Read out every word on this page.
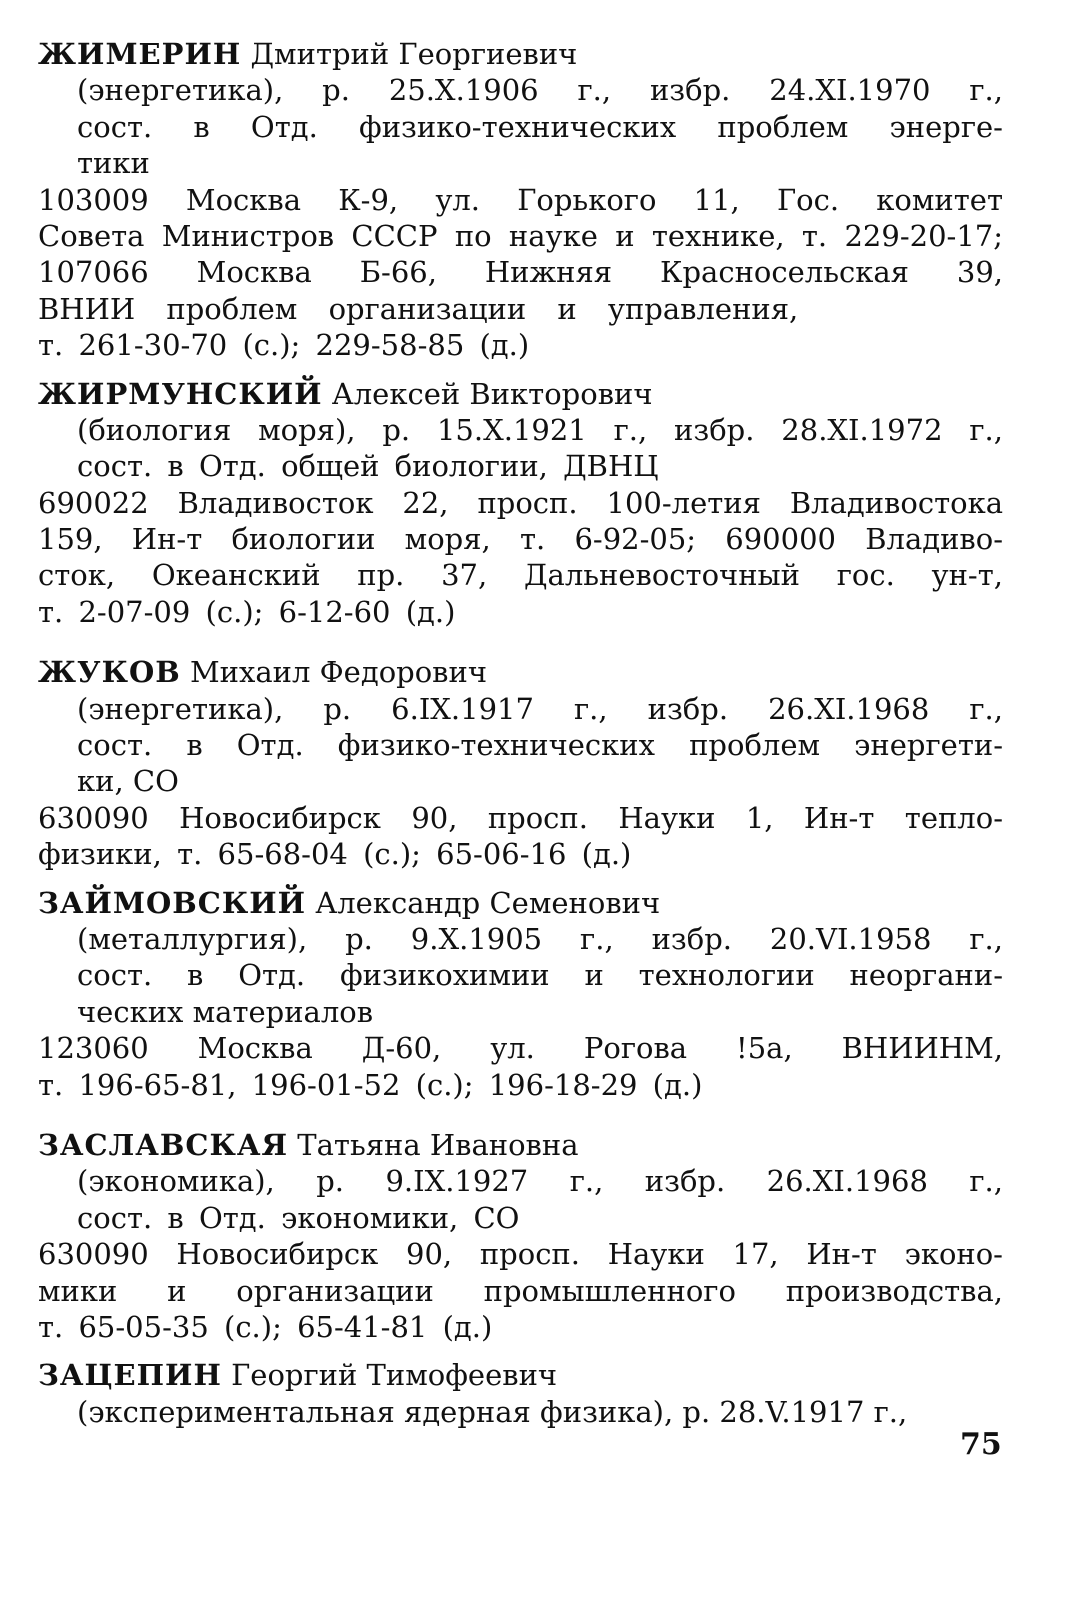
ЖИМЕРИН Дмитрий Георгиевич
(энергетика), р. 25.X.1906 г., избр. 24.XI.1970 г.,
сост. в Отд. физико-технических проблем энерге-
тики
103009 Москва К-9, ул. Горького 11, Гос. комитет
Совета Министров СССР по науке и технике, т. 229-20-17;
107066 Москва Б-66, Нижняя Красносельская 39,
ВНИИ проблем организации и управления,
т. 261-30-70 (с.); 229-58-85 (д.)
ЖИРМУНСКИЙ Алексей Викторович
(биология моря), р. 15.X.1921 г., избр. 28.XI.1972 г.,
сост. в Отд. общей биологии, ДВНЦ
690022 Владивосток 22, просп. 100-летия Владивостока
159, Ин-т биологии моря, т. 6-92-05; 690000 Владиво-
сток, Океанский пр. 37, Дальневосточный гос. ун-т,
т. 2-07-09 (с.); 6-12-60 (д.)
ЖУКОВ Михаил Федорович
(энергетика), р. 6.IX.1917 г., избр. 26.XI.1968 г.,
сост. в Отд. физико-технических проблем энергети-
ки, СО
630090 Новосибирск 90, просп. Науки 1, Ин-т тепло-
физики, т. 65-68-04 (с.); 65-06-16 (д.)
ЗАЙМОВСКИЙ Александр Семенович
(металлургия), р. 9.X.1905 г., избр. 20.VI.1958 г.,
сост. в Отд. физикохимии и технологии неоргани-
ческих материалов
123060 Москва Д-60, ул. Рогова !5а, ВНИИНМ,
т. 196-65-81, 196-01-52 (с.); 196-18-29 (д.)
ЗАСЛАВСКАЯ Татьяна Ивановна
(экономика), р. 9.IX.1927 г., избр. 26.XI.1968 г.,
сост. в Отд. экономики, СО
630090 Новосибирск 90, просп. Науки 17, Ин-т эконо-
мики и организации промышленного производства,
т. 65-05-35 (с.); 65-41-81 (д.)
ЗАЦЕПИН Георгий Тимофеевич
(экспериментальная ядерная физика), р. 28.V.1917 г.,
75
